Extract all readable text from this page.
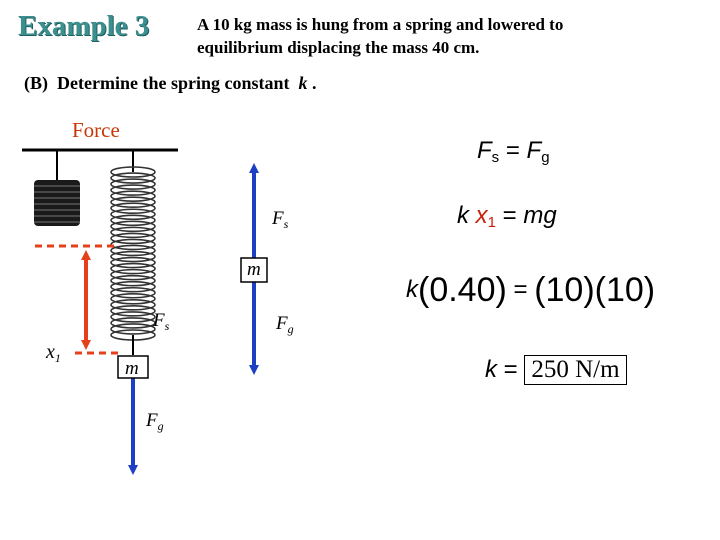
Example 3	A 10 kg mass is hung from a spring and lowered to
equilibrium displacing the mass 40 cm.
(B)  Determine the spring constant  k .
Force
m
m
$F_s$
$F_s$	$F_g$
$F_g$
$x_1$
$F_s = F_g$
k $x_1$ = mg
k(0.40) = (10)(10)
k = 250 N/m
